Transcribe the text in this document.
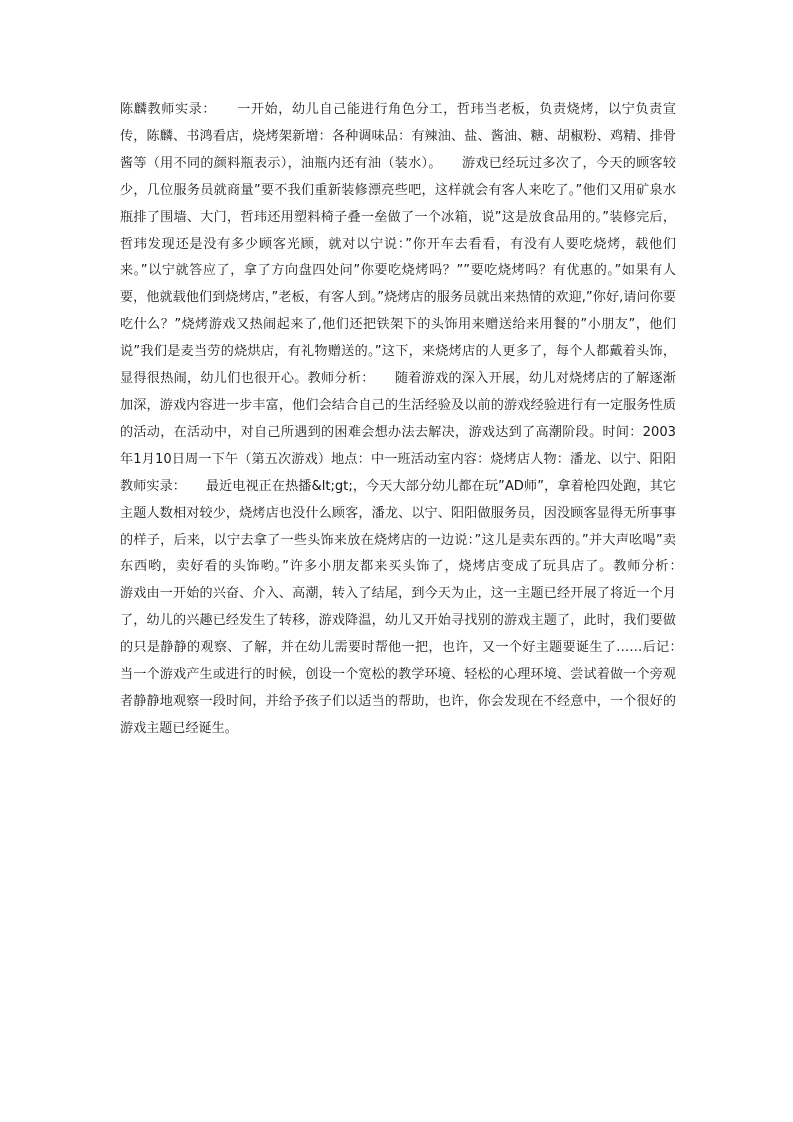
陈麟教师实录：　　一开始，幼儿自己能进行角色分工，哲玮当老板，负责烧烤，以宁负责宣传，陈麟、书鸿看店，烧烤架新增：各种调味品：有辣油、盐、酱油、糖、胡椒粉、鸡精、排骨酱等（用不同的颜料瓶表示），油瓶内还有油（装水）。　　游戏已经玩过多次了，今天的顾客较少，几位服务员就商量”要不我们重新装修漂亮些吧，这样就会有客人来吃了。”他们又用矿泉水瓶排了围墙、大门，哲玮还用塑料椅子叠一垒做了一个冰箱，说”这是放食品用的。”装修完后，哲玮发现还是没有多少顾客光顾，就对以宁说：”你开车去看看，有没有人要吃烧烤，载他们来。”以宁就答应了，拿了方向盘四处问”你要吃烧烤吗？””要吃烧烤吗？有优惠的。”如果有人要，他就载他们到烧烤店，”老板，有客人到。”烧烤店的服务员就出来热情的欢迎,”你好,请问你要吃什么？”烧烤游戏又热闹起来了,他们还把铁架下的头饰用来赠送给来用餐的”小朋友”，他们说”我们是麦当劳的烧烘店，有礼物赠送的。”这下，来烧烤店的人更多了，每个人都戴着头饰，显得很热闹，幼儿们也很开心。教师分析：　　随着游戏的深入开展，幼儿对烧烤店的了解逐渐加深，游戏内容进一步丰富，他们会结合自己的生活经验及以前的游戏经验进行有一定服务性质的活动，在活动中，对自己所遇到的困难会想办法去解决，游戏达到了高潮阶段。时间：2003年1月10日周一下午（第五次游戏）地点：中一班活动室内容：烧烤店人物：潘龙、以宁、阳阳教师实录：　　最近电视正在热播&lt;gt;，今天大部分幼儿都在玩”AD师”，拿着枪四处跑，其它主题人数相对较少，烧烤店也没什么顾客，潘龙、以宁、阳阳做服务员，因没顾客显得无所事事的样子，后来，以宁去拿了一些头饰来放在烧烤店的一边说：”这儿是卖东西的。”并大声吆喝”卖东西哟，卖好看的头饰哟。”许多小朋友都来买头饰了，烧烤店变成了玩具店了。教师分析：　　游戏由一开始的兴奋、介入、高潮，转入了结尾，到今天为止，这一主题已经开展了将近一个月了，幼儿的兴趣已经发生了转移，游戏降温，幼儿又开始寻找别的游戏主题了，此时，我们要做的只是静静的观察、了解，并在幼儿需要时帮他一把，也许，又一个好主题要诞生了……后记：　　当一个游戏产生或进行的时候，创设一个宽松的教学环境、轻松的心理环境、尝试着做一个旁观者静静地观察一段时间，并给予孩子们以适当的帮助，也许，你会发现在不经意中，一个很好的游戏主题已经诞生。
